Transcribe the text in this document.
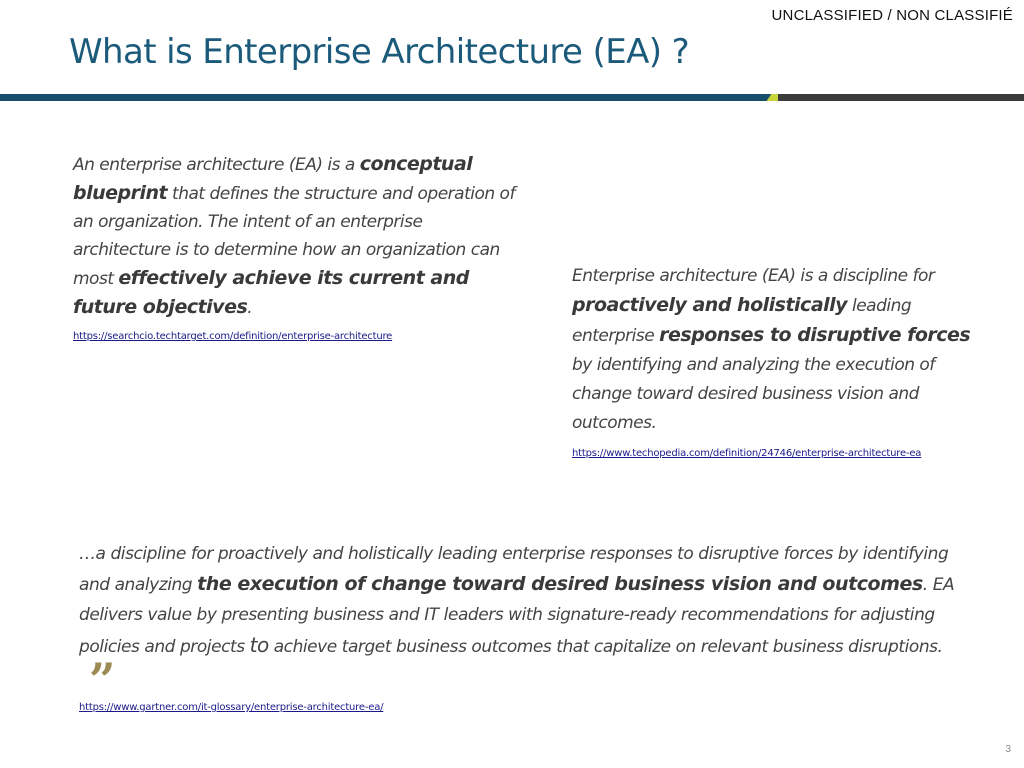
UNCLASSIFIED / NON CLASSIFIÉ
What is Enterprise Architecture (EA) ?
An enterprise architecture (EA) is a conceptual blueprint that defines the structure and operation of an organization. The intent of an enterprise architecture is to determine how an organization can most effectively achieve its current and future objectives.
https://searchcio.techtarget.com/definition/enterprise-architecture
Enterprise architecture (EA) is a discipline for proactively and holistically leading enterprise responses to disruptive forces by identifying and analyzing the execution of change toward desired business vision and outcomes.
https://www.techopedia.com/definition/24746/enterprise-architecture-ea
…a discipline for proactively and holistically leading enterprise responses to disruptive forces by identifying and analyzing the execution of change toward desired business vision and outcomes. EA delivers value by presenting business and IT leaders with signature-ready recommendations for adjusting policies and projects to achieve target business outcomes that capitalize on relevant business disruptions.”
https://www.gartner.com/it-glossary/enterprise-architecture-ea/
3
